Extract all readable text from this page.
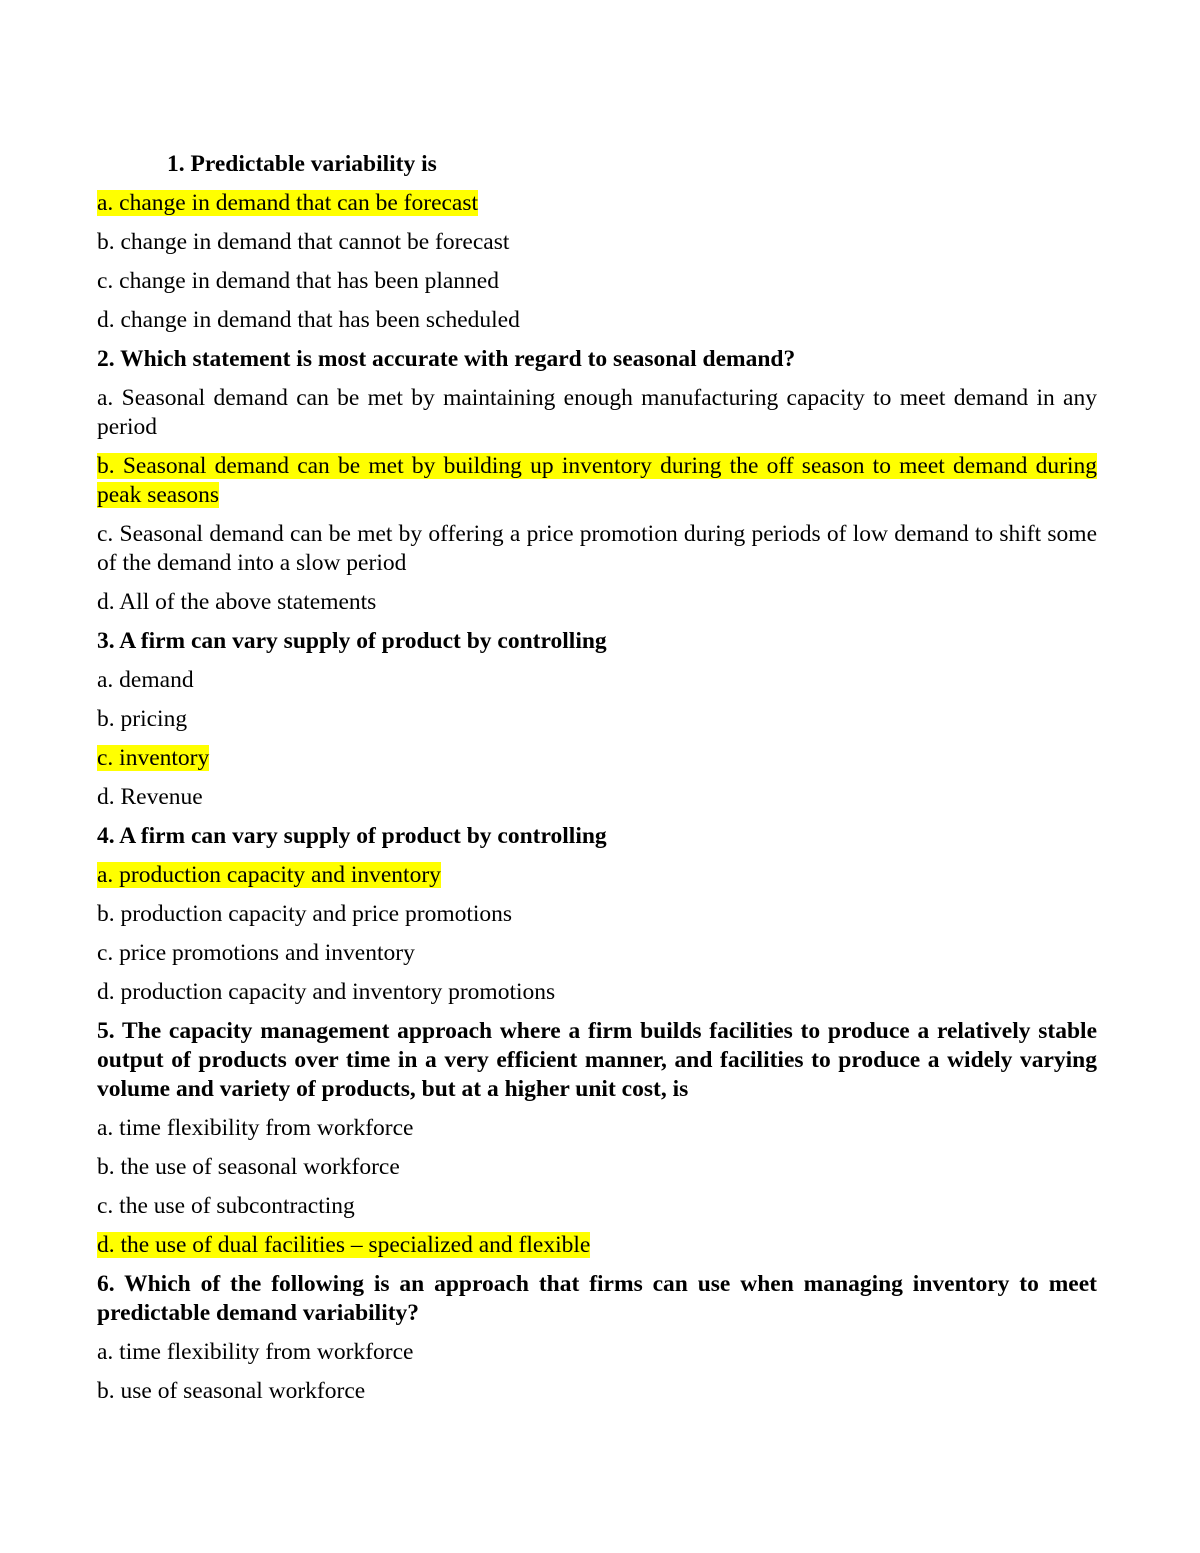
1. Predictable variability is

a. change in demand that can be forecast

b. change in demand that cannot be forecast

c. change in demand that has been planned

d. change in demand that has been scheduled

2. Which statement is most accurate with regard to seasonal demand?

a. Seasonal demand can be met by maintaining enough manufacturing capacity to meet demand in any period

b. Seasonal demand can be met by building up inventory during the off season to meet demand during peak seasons

c. Seasonal demand can be met by offering a price promotion during periods of low demand to shift some of the demand into a slow period

d. All of the above statements

3. A firm can vary supply of product by controlling

a. demand

b. pricing

c. inventory

d. Revenue

4. A firm can vary supply of product by controlling

a. production capacity and inventory

b. production capacity and price promotions

c. price promotions and inventory

d. production capacity and inventory promotions

5. The capacity management approach where a firm builds facilities to produce a relatively stable output of products over time in a very efficient manner, and facilities to produce a widely varying volume and variety of products, but at a higher unit cost, is

a. time flexibility from workforce

b. the use of seasonal workforce

c. the use of subcontracting

d. the use of dual facilities – specialized and flexible

6. Which of the following is an approach that firms can use when managing inventory to meet predictable demand variability?

a. time flexibility from workforce

b. use of seasonal workforce
